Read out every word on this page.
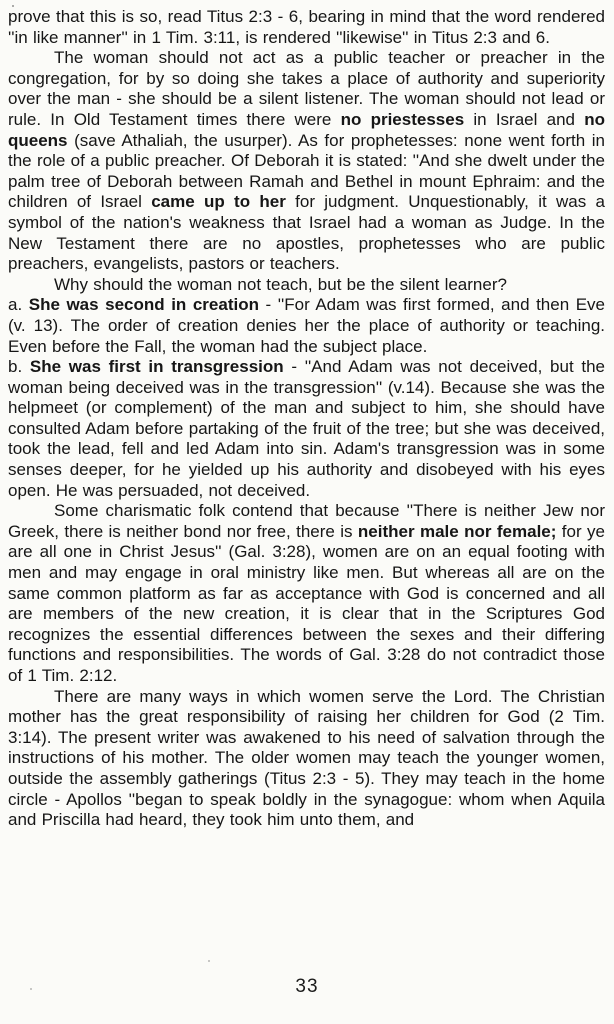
prove that this is so, read Titus 2:3 - 6, bearing in mind that the word rendered ''in like manner'' in 1 Tim. 3:11, is rendered ''likewise'' in Titus 2:3 and 6.

The woman should not act as a public teacher or preacher in the congregation, for by so doing she takes a place of authority and superiority over the man - she should be a silent listener. The woman should not lead or rule. In Old Testament times there were no priestesses in Israel and no queens (save Athaliah, the usurper). As for prophetesses: none went forth in the role of a public preacher. Of Deborah it is stated: ''And she dwelt under the palm tree of Deborah between Ramah and Bethel in mount Ephraim: and the children of Israel came up to her for judgment. Unquestionably, it was a symbol of the nation's weakness that Israel had a woman as Judge. In the New Testament there are no apostles, prophetesses who are public preachers, evangelists, pastors or teachers.

Why should the woman not teach, but be the silent learner?

a. She was second in creation - ''For Adam was first formed, and then Eve (v. 13). The order of creation denies her the place of authority or teaching. Even before the Fall, the woman had the subject place.

b. She was first in transgression - ''And Adam was not deceived, but the woman being deceived was in the transgression'' (v.14). Because she was the helpmeet (or complement) of the man and subject to him, she should have consulted Adam before partaking of the fruit of the tree; but she was deceived, took the lead, fell and led Adam into sin. Adam's transgression was in some senses deeper, for he yielded up his authority and disobeyed with his eyes open. He was persuaded, not deceived.

Some charismatic folk contend that because ''There is neither Jew nor Greek, there is neither bond nor free, there is neither male nor female; for ye are all one in Christ Jesus'' (Gal. 3:28), women are on an equal footing with men and may engage in oral ministry like men. But whereas all are on the same common platform as far as acceptance with God is concerned and all are members of the new creation, it is clear that in the Scriptures God recognizes the essential differences between the sexes and their differing functions and responsibilities. The words of Gal. 3:28 do not contradict those of 1 Tim. 2:12.

There are many ways in which women serve the Lord. The Christian mother has the great responsibility of raising her children for God (2 Tim. 3:14). The present writer was awakened to his need of salvation through the instructions of his mother. The older women may teach the younger women, outside the assembly gatherings (Titus 2:3 - 5). They may teach in the home circle - Apollos ''began to speak boldly in the synagogue: whom when Aquila and Priscilla had heard, they took him unto them, and

33
